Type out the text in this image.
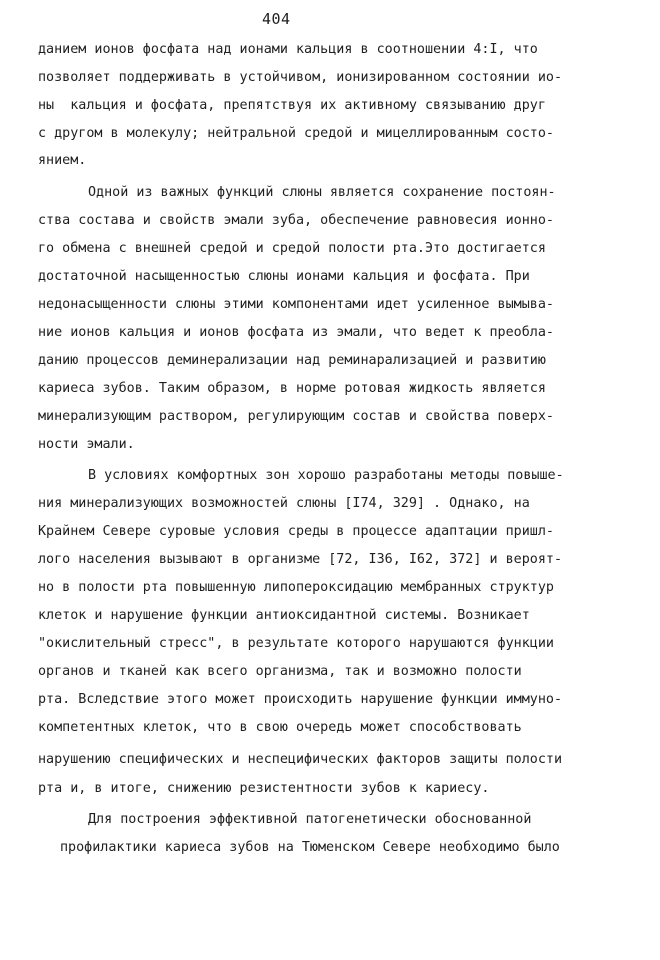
404
данием ионов фосфата над ионами кальция в соотношении 4:I, что
позволяет поддерживать в устойчивом, ионизированном состоянии ио-
ны  кальция и фосфата, препятствуя их активному связыванию друг
с другом в молекулу; нейтральной средой и мицеллированным состо-
янием.
Одной из важных функций слюны является сохранение постоян-
ства состава и свойств эмали зуба, обеспечение равновесия ионно-
го обмена с внешней средой и средой полости рта.Это достигается
достаточной насыщенностью слюны ионами кальция и фосфата. При
недонасыщенности слюны этими компонентами идет усиленное вымыва-
ние ионов кальция и ионов фосфата из эмали, что ведет к преобла-
данию процессов деминерализации над реминарализацией и развитию
кариеса зубов. Таким образом, в норме ротовая жидкость является
минерализующим раствором, регулирующим состав и свойства поверх-
ности эмали.
В условиях комфортных зон хорошо разработаны методы повыше-
ния минерализующих возможностей слюны [I74, 329] . Однако, на
Крайнем Севере суровые условия среды в процессе адаптации пришл-
лого населения вызывают в организме [72, I36, I62, 372] и вероят-
но в полости рта повышенную липопероксидацию мембранных структур
клеток и нарушение функции антиоксидантной системы. Возникает
"окислительный стресс", в результате которого нарушаются функции
органов и тканей как всего организма, так и возможно полости
рта. Вследствие этого может происходить нарушение функции иммуно-
компетентных клеток, что в свою очередь может способствовать
нарушению специфических и неспецифических факторов защиты полости
рта и, в итоге, снижению резистентности зубов к кариесу.
Для построения эффективной патогенетически обоснованной
профилактики кариеса зубов на Тюменском Севере необходимо было
